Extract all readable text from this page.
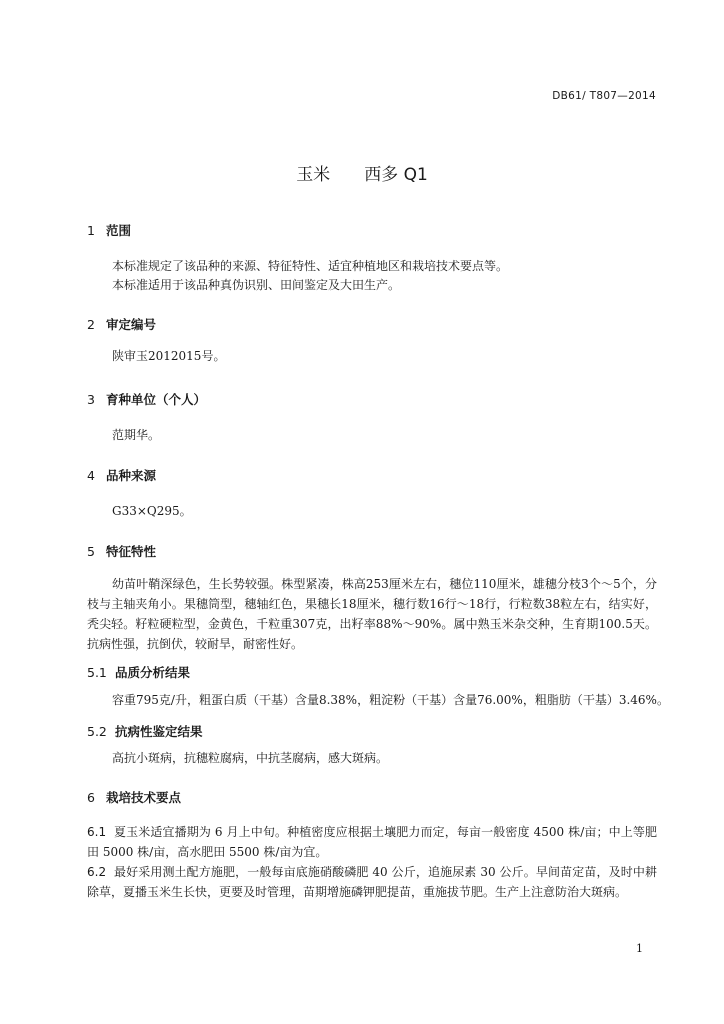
DB61/ T807—2014
玉米 西多 Q1
1 范围
本标准规定了该品种的来源、特征特性、适宜种植地区和栽培技术要点等。
本标准适用于该品种真伪识别、田间鉴定及大田生产。
2 审定编号
陕审玉2012015号。
3 育种单位（个人）
范期华。
4 品种来源
G33×Q295。
5 特征特性
幼苗叶鞘深绿色，生长势较强。株型紧凑，株高253厘米左右，穗位110厘米，雄穗分枝3个～5个，分枝与主轴夹角小。果穗筒型，穗轴红色，果穗长18厘米，穗行数16行～18行，行粒数38粒左右，结实好，秃尖轻。籽粒硬粒型，金黄色，千粒重307克，出籽率88%～90%。属中熟玉米杂交种，生育期100.5天。抗病性强，抗倒伏，较耐旱，耐密性好。
5.1 品质分析结果
容重795克/升，粗蛋白质（干基）含量8.38%，粗淀粉（干基）含量76.00%，粗脂肪（干基）3.46%。
5.2 抗病性鉴定结果
高抗小斑病，抗穗粒腐病，中抗茎腐病，感大斑病。
6 栽培技术要点
6.1 夏玉米适宜播期为 6 月上中旬。种植密度应根据土壤肥力而定，每亩一般密度 4500 株/亩；中上等肥田 5000 株/亩，高水肥田 5500 株/亩为宜。
6.2 最好采用测土配方施肥，一般每亩底施硝酸磷肥 40 公斤，追施尿素 30 公斤。早间苗定苗，及时中耕除草，夏播玉米生长快，更要及时管理，苗期增施磷钾肥提苗，重施拔节肥。生产上注意防治大斑病。
1
